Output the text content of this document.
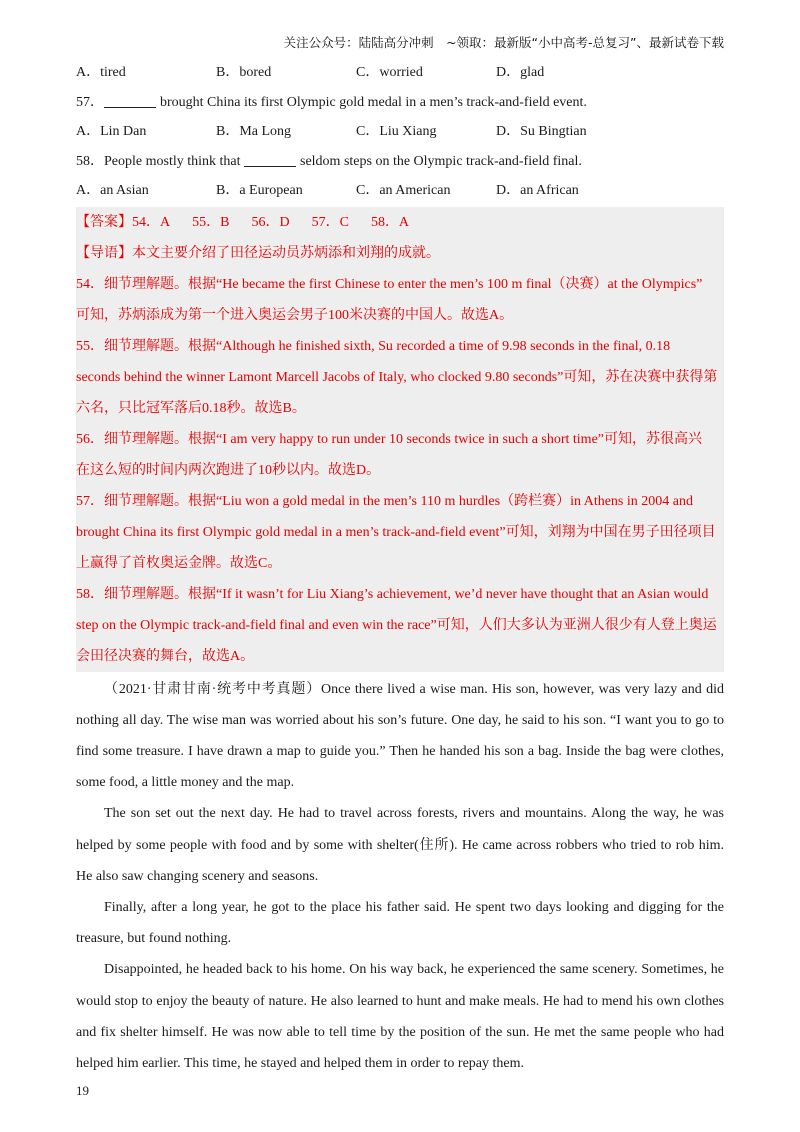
关注公众号：陆陆高分冲刺　~领取：最新版“小中高考-总复习”、最新试卷下载
A．tired	B．bored	C．worried	D．glad
57．	brought China its first Olympic gold medal in a men’s track-and-field event.
A．Lin Dan	B．Ma Long	C．Liu Xiang	D．Su Bingtian
58．People mostly think that	seldom steps on the Olympic track-and-field final.
A．an Asian	B．a European	C．an American	D．an African
【答案】54．A 55．B 56．D 57．C 58．A
【导语】本文主要介绍了田径运动员苏炳添和刘翔的成就。
54．细节理解题。根据“He became the first Chinese to enter the men’s 100 m final（决赛）at the Olympics”
可知，苏炳添成为第一个进入奥运会男子100米决赛的中国人。故选A。
55．细节理解题。根据“Although he finished sixth, Su recorded a time of 9.98 seconds in the final, 0.18
seconds behind the winner Lamont Marcell Jacobs of Italy, who clocked 9.80 seconds”可知，苏在决赛中获得第
六名，只比冠军落后0.18秒。故选B。
56．细节理解题。根据“I am very happy to run under 10 seconds twice in such a short time”可知，苏很高兴
在这么短的时间内两次跑进了10秒以内。故选D。
57．细节理解题。根据“Liu won a gold medal in the men’s 110 m hurdles（跨栏赛）in Athens in 2004 and
brought China its first Olympic gold medal in a men’s track-and-field event”可知，刘翔为中国在男子田径项目
上赢得了首枚奥运金牌。故选C。
58．细节理解题。根据“If it wasn’t for Liu Xiang’s achievement, we’d never have thought that an Asian would
step on the Olympic track-and-field final and even win the race”可知，人们大多认为亚洲人很少有人登上奥运
会田径决赛的舞台，故选A。

（2021·甘肃甘南·统考中考真题）Once there lived a wise man. His son, however, was very lazy and did nothing all day. The wise man was worried about his son’s future. One day, he said to his son. “I want you to go to find some treasure. I have drawn a map to guide you.” Then he handed his son a bag. Inside the bag were clothes, some food, a little money and the map.

The son set out the next day. He had to travel across forests, rivers and mountains. Along the way, he was helped by some people with food and by some with shelter(住所). He came across robbers who tried to rob him. He also saw changing scenery and seasons.

Finally, after a long year, he got to the place his father said. He spent two days looking and digging for the treasure, but found nothing.

Disappointed, he headed back to his home. On his way back, he experienced the same scenery. Sometimes, he would stop to enjoy the beauty of nature. He also learned to hunt and make meals. He had to mend his own clothes and fix shelter himself. He was now able to tell time by the position of the sun. He met the same people who had helped him earlier. This time, he stayed and helped them in order to repay them.

19
